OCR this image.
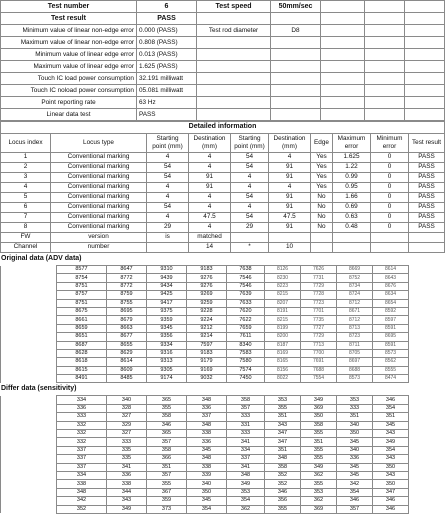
Test number	6	Test speed	50mm/sec			
Test result	PASS					
Minimum value of linear non-edge error	0.000 (PASS)	Test rod diameter	D8			
Maximum value of linear non-edge error	0.808 (PASS)					
Minimum value of linear edge error	0.013 (PASS)					
Maximum value of linear edge error	1.625 (PASS)					
Touch IC load power consumption	32.191 milliwatt					
Touch IC noload power consumption	05.081 milliwatt					
Point reporting rate	63 Hz					
Linear data test	PASS					
Detailed information									
Locus index	Locus type	Starting point (mm)	Destination (mm)	Starting point (mm)	Destination (mm)	Edge	Maximum error	Minimum error	Test result
1	Conventional marking	4	4	54	4	Yes	1.625	0	PASS
2	Conventional marking	54	4	54	91	Yes	1.22	0	PASS
3	Conventional marking	54	91	4	91	Yes	0.99	0	PASS
4	Conventional marking	4	91	4	4	Yes	0.95	0	PASS
5	Conventional marking	4	4	54	91	No	1.66	0	PASS
6	Conventional marking	54	4	4	91	No	0.69	0	PASS
7	Conventional marking	4	47.5	54	47.5	No	0.63	0	PASS
8	Conventional marking	29	4	29	91	No	0.48	0	PASS
FW	version	is	matched						
Channel	number		14	*	10				
Original data (ADV data)
	8577	8647	9310	9183	7638	8126	7626	8669	8614
	8754	8772	9439	9276	7546	8230	7731	8752	8643
	8751	8772	9434	9276	7546	8223	7729	8734	8676
	8757	8759	9425	9269	7639	8215	7728	8724	8634
	8751	8755	9417	9259	7633	8207	7723	8712	8654
	8675	8695	9375	9228	7620	8191	7701	8671	8592
	8661	8679	9359	9224	7622	8215	7735	8712	8597
	8659	8663	9345	9212	7659	8199	7727	8713	8591
	8651	8677	9356	9214	7611	8200	7729	8723	8695
	8687	8655	9334	7597	8340	8187	7713	8711	8591
	8628	8629	9316	9183	7583	8169	7700	8705	8573
	8618	8614	9313	9179	7580	8165	7691	8697	8562
	8615	8609	9305	9169	7574	8156	7688	8688	8555
	8491	8485	9174	9032	7450	8022	7554	8573	8474
Differ data (sensitivity)
	334	340	365	348	358	353	349	353	346
	336	328	355	336	357	355	369	333	354
	333	327	358	337	333	351	350	351	351
	332	329	346	348	331	343	358	340	345
	332	327	365	338	333	347	355	350	343
	332	333	357	336	341	347	351	345	349
	337	335	358	345	334	351	355	340	354
	337	335	366	348	337	348	355	336	343
	337	341	351	338	341	358	349	345	350
	334	336	357	339	348	352	362	345	343
	338	338	355	340	349	352	355	342	350
	348	344	367	350	353	346	353	354	347
	342	343	359	345	354	356	362	346	346
	352	349	373	354	362	355	369	357	346
